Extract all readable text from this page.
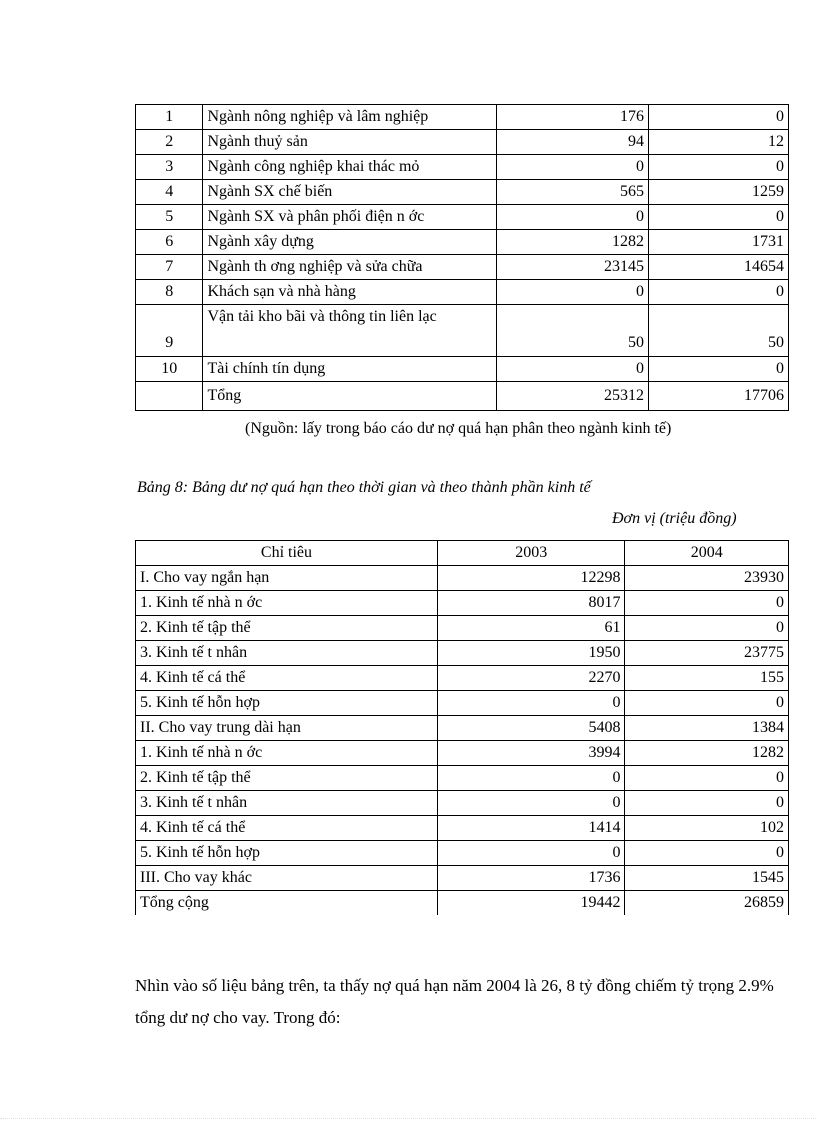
1	Ngành nông nghiệp và lâm nghiệp	176	0
2	Ngành thuỷ sản	94	12
3	Ngành công nghiệp khai thác mỏ	0	0
4	Ngành SX chế biến	565	1259
5	Ngành SX và phân phối điện n ớc	0	0
6	Ngành xây dựng	1282	1731
7	Ngành th ơng nghiệp và sửa chữa	23145	14654
8	Khách sạn và nhà hàng	0	0
9	Vận tải kho bãi và thông tin liên lạc	50	50
10	Tài chính tín dụng	0	0
	Tổng	25312	17706
(Nguồn: lấy trong báo cáo dư nợ quá hạn phân theo ngành kinh tế)
Bảng 8: Bảng dư nợ quá hạn theo thời gian và theo thành phần kinh tế
Đơn vị (triệu đồng)
Chỉ tiêu	2003	2004
I. Cho vay ngắn hạn	12298	23930
1. Kinh tế nhà n ớc	8017	0
2. Kinh tế tập thể	61	0
3. Kinh tế t nhân	1950	23775
4. Kinh tế cá thể	2270	155
5. Kinh tế hỗn hợp	0	0
II. Cho vay trung dài hạn	5408	1384
1. Kinh tế nhà n ớc	3994	1282
2. Kinh tế tập thể	0	0
3. Kinh tế t nhân	0	0
4. Kinh tế cá thể	1414	102
5. Kinh tế hỗn hợp	0	0
III. Cho vay khác	1736	1545
Tổng cộng	19442	26859
Nhìn vào số liệu bảng trên, ta thấy nợ quá hạn năm 2004 là 26, 8 tỷ đồng chiếm tỷ trọng 2.9% tổng dư nợ cho vay. Trong đó:
